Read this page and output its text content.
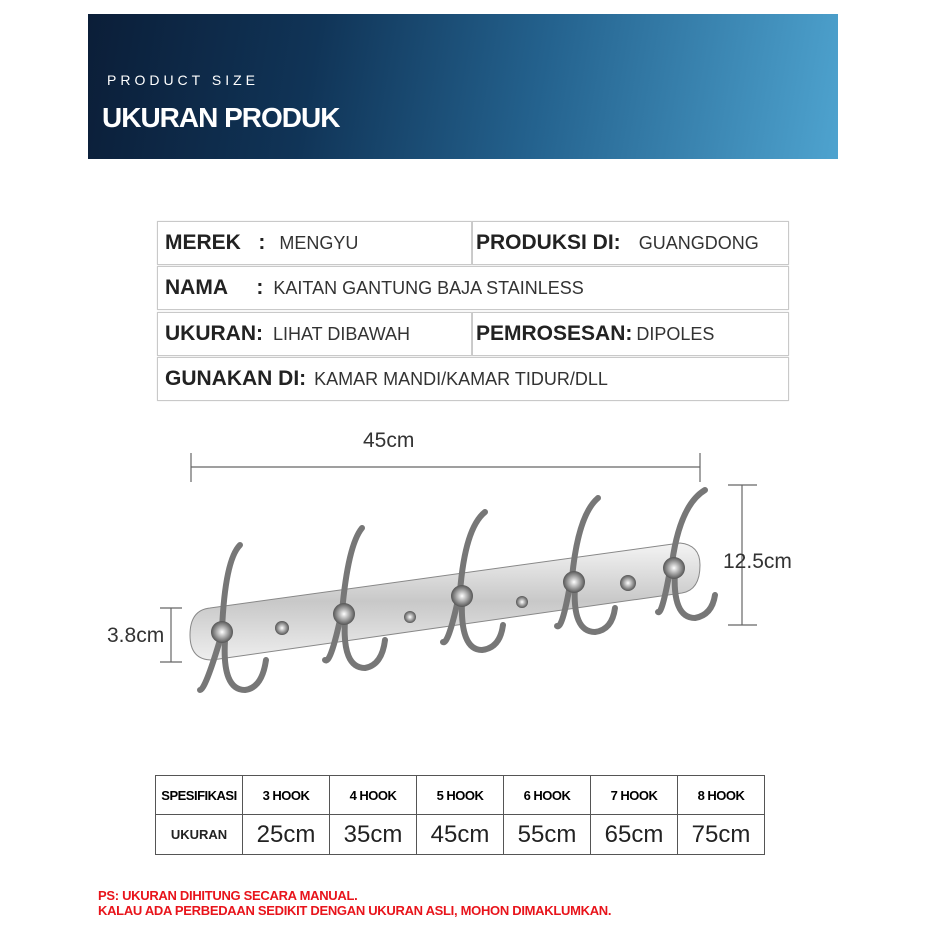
PRODUCT SIZE
UKURAN PRODUK
MEREK   : MENGYU	PRODUKSI DI: GUANGDONG
NAMA     : KAITAN GANTUNG BAJA STAINLESS
UKURAN: LIHAT DIBAWAH	PEMROSESAN: DIPOLES
GUNAKAN DI: KAMAR MANDI/KAMAR TIDUR/DLL
45cm
12.5cm
3.8cm
SPESIFIKASI	3 HOOK	4 HOOK	5 HOOK	6 HOOK	7 HOOK	8 HOOK
UKURAN	25cm	35cm	45cm	55cm	65cm	75cm
PS: UKURAN DIHITUNG SECARA MANUAL.
KALAU ADA PERBEDAAN SEDIKIT DENGAN UKURAN ASLI, MOHON DIMAKLUMKAN.
